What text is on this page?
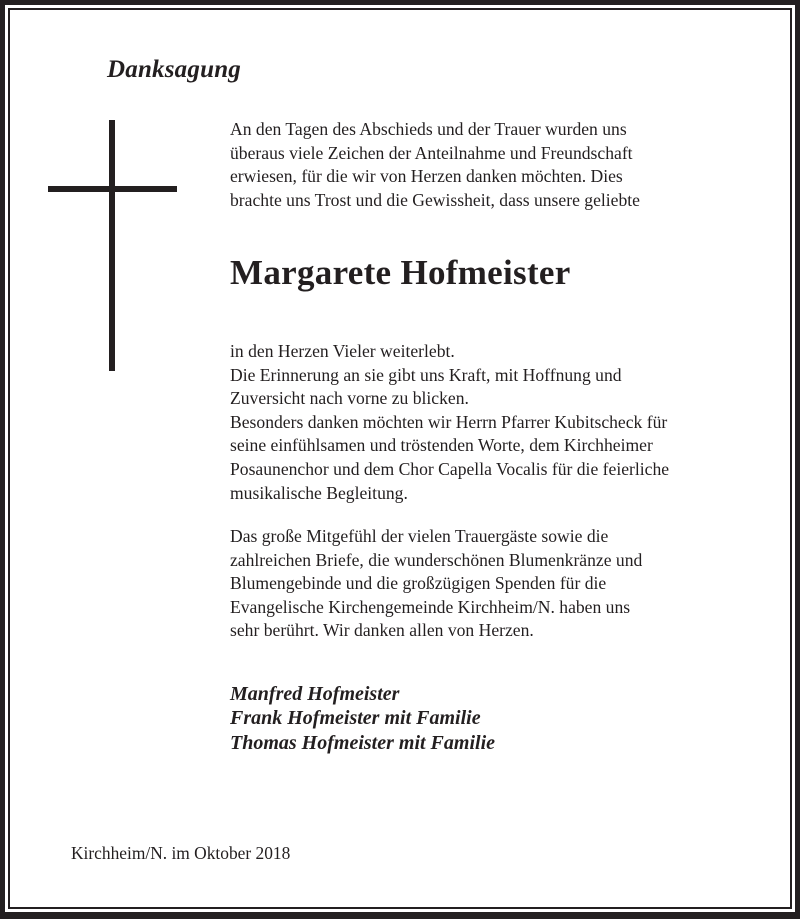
Danksagung

An den Tagen des Abschieds und der Trauer wurden uns
überaus viele Zeichen der Anteilnahme und Freundschaft
erwiesen, für die wir von Herzen danken möchten. Dies
brachte uns Trost und die Gewissheit, dass unsere geliebte

Margarete Hofmeister

in den Herzen Vieler weiterlebt.
Die Erinnerung an sie gibt uns Kraft, mit Hoffnung und
Zuversicht nach vorne zu blicken.
Besonders danken möchten wir Herrn Pfarrer Kubitscheck für
seine einfühlsamen und tröstenden Worte, dem Kirchheimer
Posaunenchor und dem Chor Capella Vocalis für die feierliche
musikalische Begleitung.

Das große Mitgefühl der vielen Trauergäste sowie die
zahlreichen Briefe, die wunderschönen Blumenkränze und
Blumengebinde und die großzügigen Spenden für die
Evangelische Kirchengemeinde Kirchheim/N. haben uns
sehr berührt. Wir danken allen von Herzen.

Manfred Hofmeister
Frank Hofmeister mit Familie
Thomas Hofmeister mit Familie

Kirchheim/N. im Oktober 2018
